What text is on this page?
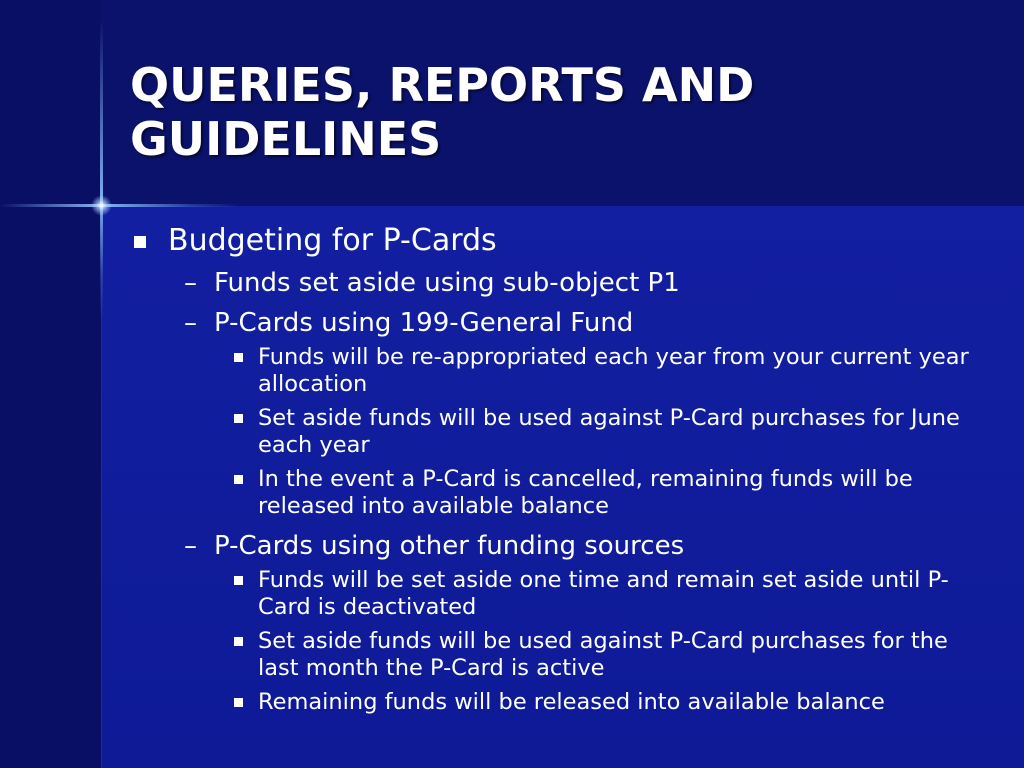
QUERIES, REPORTS AND GUIDELINES
Budgeting for P-Cards
– Funds set aside using sub-object P1
– P-Cards using 199-General Fund
Funds will be re-appropriated each year from your current year allocation
Set aside funds will be used against P-Card purchases for June each year
In the event a P-Card is cancelled, remaining funds will be released into available balance
– P-Cards using other funding sources
Funds will be set aside one time and remain set aside until P-Card is deactivated
Set aside funds will be used against P-Card purchases for the last month the P-Card is active
Remaining funds will be released into available balance
